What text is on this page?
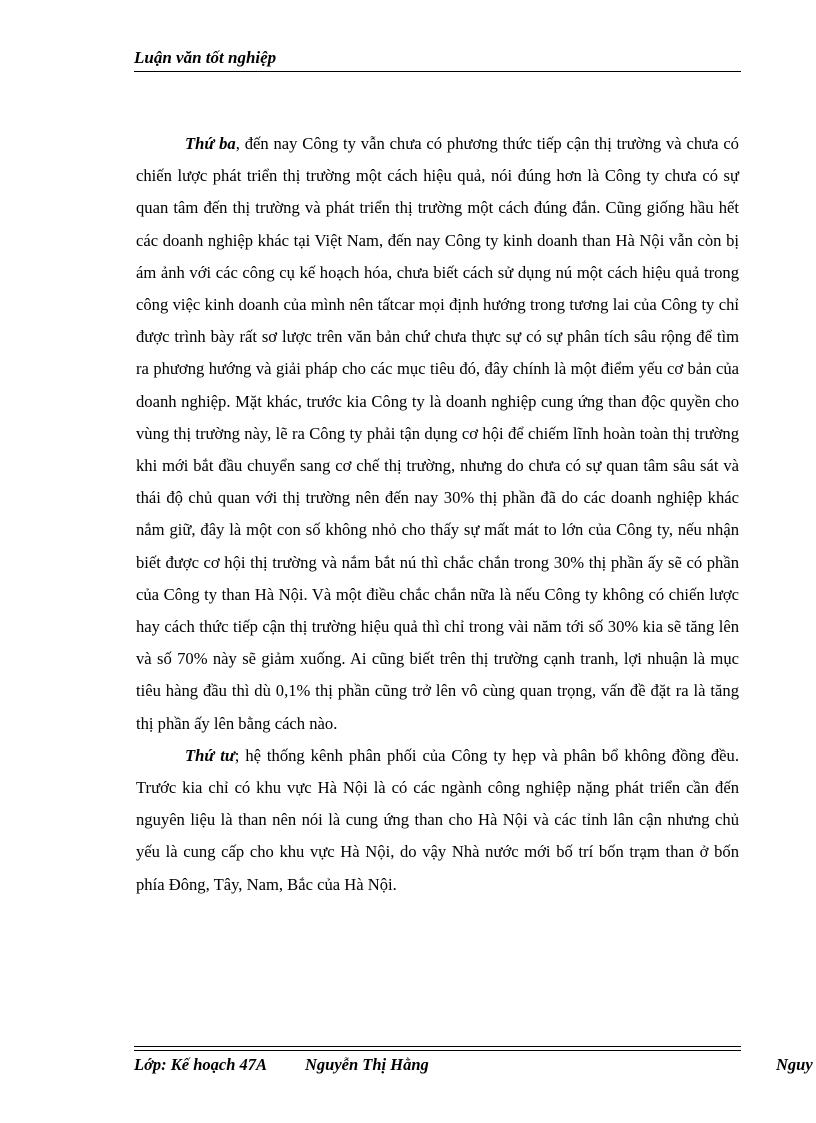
Luận văn tốt nghiệp

Thứ ba, đến nay Công ty vẫn chưa có phương thức tiếp cận thị trường và chưa có chiến lược phát triển thị trường một cách hiệu quả, nói đúng hơn là Công ty chưa có sự quan tâm đến thị trường và phát triển thị trường một cách đúng đắn. Cũng giống hầu hết các doanh nghiệp khác tại Việt Nam, đến nay Công ty kinh doanh than Hà Nội vẫn còn bị ám ảnh với các công cụ kế hoạch hóa, chưa biết cách sử dụng nú một cách hiệu quả trong công việc kinh doanh của mình nên tấtcar mọi định hướng trong tương lai của Công ty chỉ được trình bày rất sơ lược trên văn bản chứ chưa thực sự có sự phân tích sâu rộng để tìm ra phương hướng và giải pháp cho các mục tiêu đó, đây chính là một điểm yếu cơ bản của doanh nghiệp. Mặt khác, trước kia Công ty là doanh nghiệp cung ứng than độc quyền cho vùng thị trường này, lẽ ra Công ty phải tận dụng cơ hội để chiếm lĩnh hoàn toàn thị trường khi mới bắt đầu chuyển sang cơ chế thị trường, nhưng do chưa có sự quan tâm sâu sát và thái độ chủ quan với thị trường nên đến nay 30% thị phần đã do các doanh nghiệp khác nắm giữ, đây là một con số không nhỏ cho thấy sự mất mát to lớn của Công ty, nếu nhận biết được cơ hội thị trường và nắm bắt nú thì chắc chắn trong 30% thị phần ấy sẽ có phần của Công ty than Hà Nội. Và một điều chắc chắn nữa là nếu Công ty không có chiến lược hay cách thức tiếp cận thị trường hiệu quả thì chỉ trong vài năm tới số 30% kia sẽ tăng lên và số 70% này sẽ giảm xuống. Ai cũng biết trên thị trường cạnh tranh, lợi nhuận là mục tiêu hàng đầu thì dù 0,1% thị phần cũng trở lên vô cùng quan trọng, vấn đề đặt ra là tăng thị phần ấy lên bằng cách nào.

Thứ tư; hệ thống kênh phân phối của Công ty hẹp và phân bổ không đồng đều. Trước kia chỉ có khu vực Hà Nội là có các ngành công nghiệp nặng phát triển cần đến nguyên liệu là than nên nói là cung ứng than cho Hà Nội và các tỉnh lân cận nhưng chủ yếu là cung cấp cho khu vực Hà Nội, do vậy Nhà nước mới bố trí bốn trạm than ở bốn phía Đông, Tây, Nam, Bắc của Hà Nội.

Lớp: Kế hoạch 47A Nguyễn Thị Hằng	Nguy
